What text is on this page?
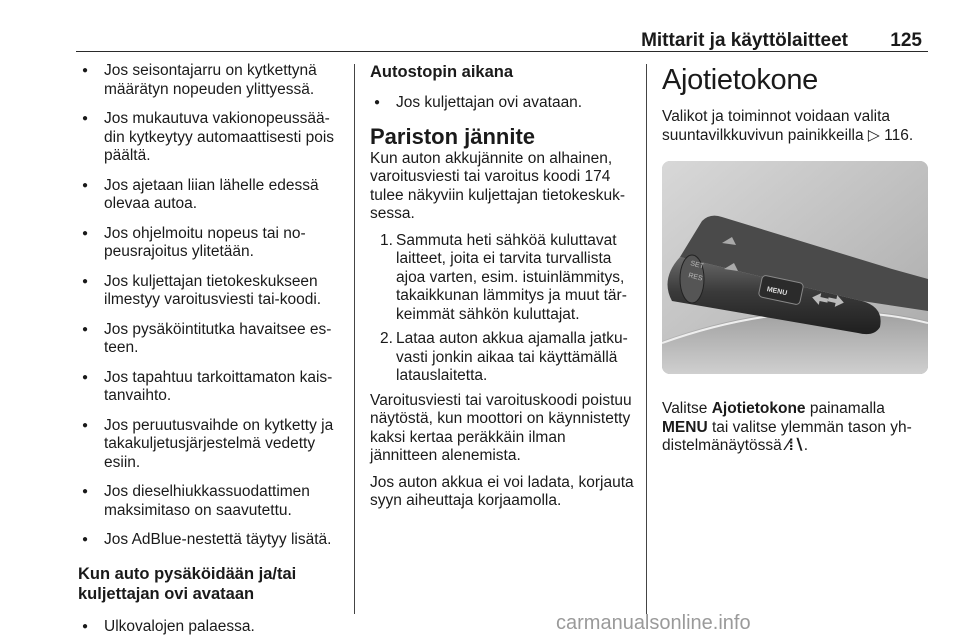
Mittarit ja käyttölaitteet 125
● Jos seisontajarru on kytkettynä määrätyn nopeuden ylittyessä.
● Jos mukautuva vakionopeussäädin kytkeytyy automaattisesti pois päältä.
● Jos ajetaan liian lähelle edessä olevaa autoa.
● Jos ohjelmoitu nopeus tai nopeusrajoitus ylitetään.
● Jos kuljettajan tietokeskukseen ilmestyy varoitusviesti tai-koodi.
● Jos pysäköintitutka havaitsee esteen.
● Jos tapahtuu tarkoittamaton kaistanvaihto.
● Jos peruutusvaihde on kytketty ja takakuljetusjärjestelmä vedetty esiin.
● Jos dieselhiukkassuodattimen maksimitaso on saavutettu.
● Jos AdBlue-nestettä täytyy lisätä.
Kun auto pysäköidään ja/tai kuljettajan ovi avataan
● Ulkovalojen palaessa.
Autostopin aikana
● Jos kuljettajan ovi avataan.
Pariston jännite

Kun auton akkujännite on alhainen, varoitusviesti tai varoitus koodi 174 tulee näkyviin kuljettajan tietokeskuksessa.

1. Sammuta heti sähköä kuluttavat laitteet, joita ei tarvita turvallista ajoa varten, esim. istuinlämmitys, takaikkunan lämmitys ja muut tärkeimmät sähkön kuluttajat.
2. Lataa auton akkua ajamalla jatkuvasti jonkin aikaa tai käyttämällä latauslaitetta.

Varoitusviesti tai varoituskoodi poistuu näytöstä, kun moottori on käynnistetty kaksi kertaa peräkkäin ilman jännitteen alenemista.

Jos auton akkua ei voi ladata, korjauta syyn aiheuttaja korjaamolla.

Ajotietokone

Valikot ja toiminnot voidaan valita suuntavilkkuvivun painikkeilla ▷ 116.

SET
RES
MENU

Valitse Ajotietokone painamalla
MENU tai valitse ylemmän tason yhdistelmänäytössä ∕⁞∖.

carmanualsonline.info
